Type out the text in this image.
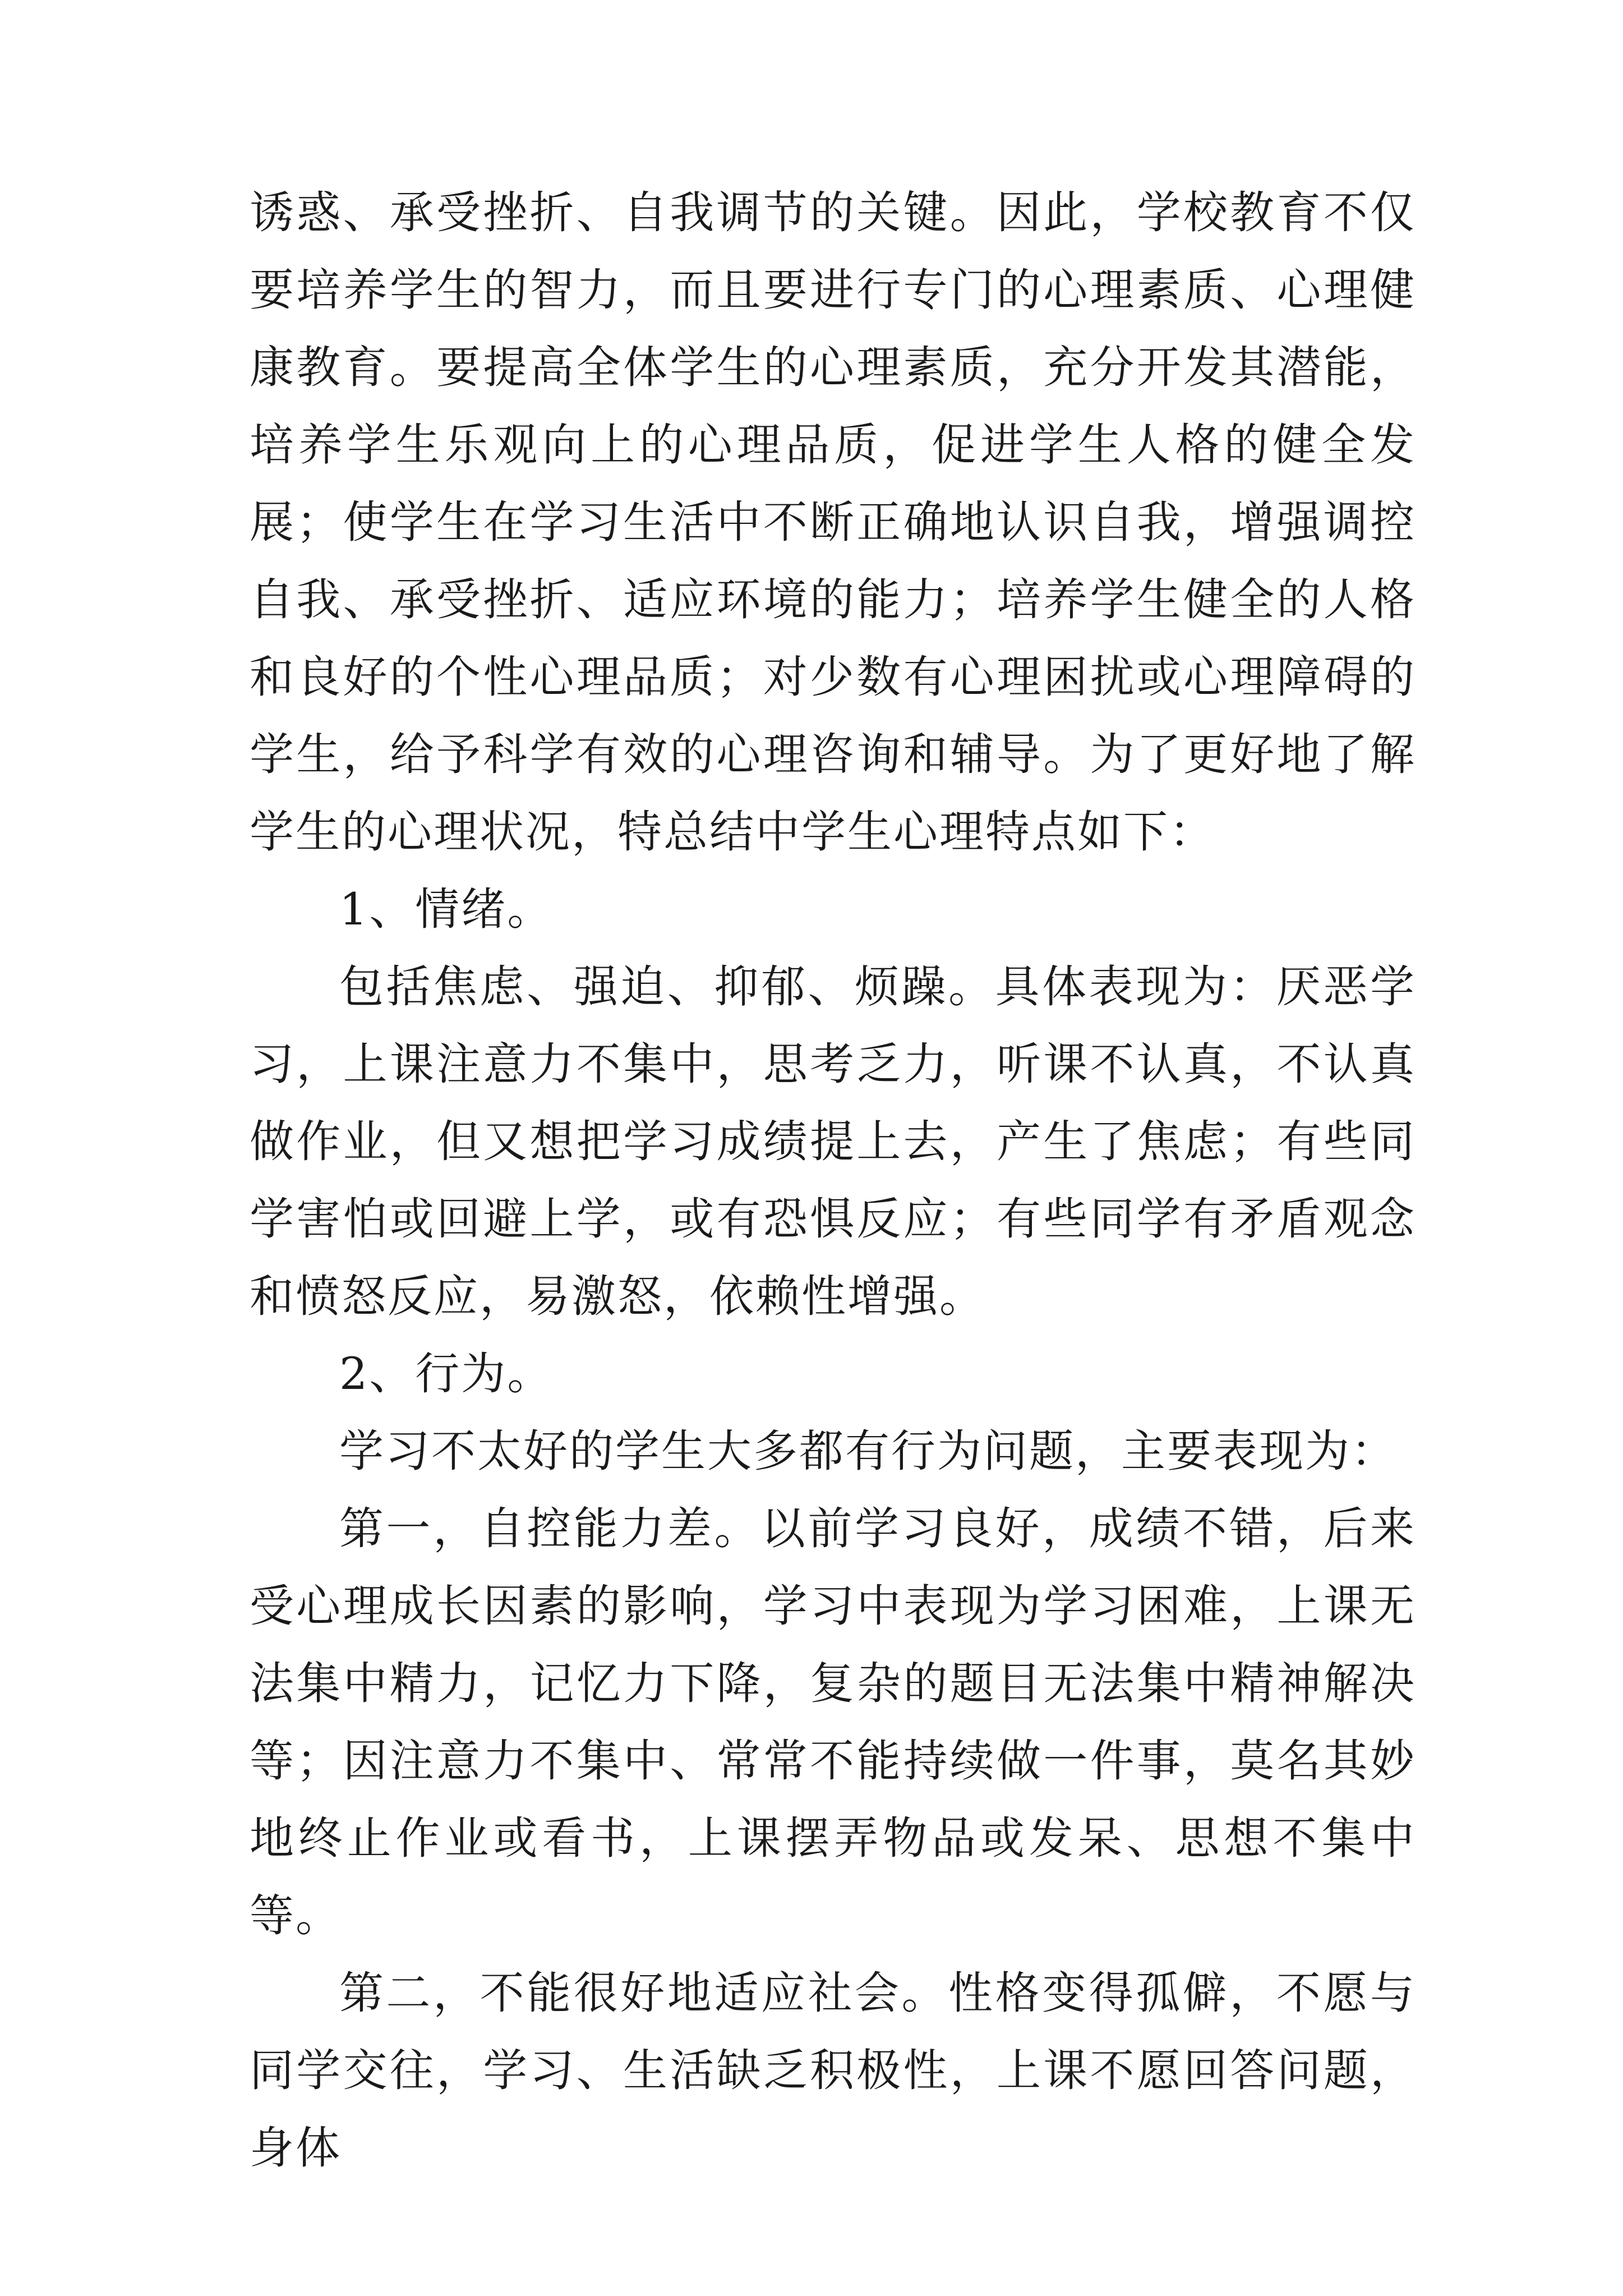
诱惑、承受挫折、自我调节的关键。因此，学校教育不仅要培养学生的智力，而且要进行专门的心理素质、心理健康教育。要提高全体学生的心理素质，充分开发其潜能，培养学生乐观向上的心理品质，促进学生人格的健全发展；使学生在学习生活中不断正确地认识自我，增强调控自我、承受挫折、适应环境的能力；培养学生健全的人格和良好的个性心理品质；对少数有心理困扰或心理障碍的学生，给予科学有效的心理咨询和辅导。为了更好地了解学生的心理状况，特总结中学生心理特点如下：

1、情绪。

包括焦虑、强迫、抑郁、烦躁。具体表现为：厌恶学习，上课注意力不集中，思考乏力，听课不认真，不认真做作业，但又想把学习成绩提上去，产生了焦虑；有些同学害怕或回避上学，或有恐惧反应；有些同学有矛盾观念和愤怒反应，易激怒，依赖性增强。

2、行为。

学习不太好的学生大多都有行为问题，主要表现为：

第一，自控能力差。以前学习良好，成绩不错，后来受心理成长因素的影响，学习中表现为学习困难，上课无法集中精力，记忆力下降，复杂的题目无法集中精神解决等；因注意力不集中、常常不能持续做一件事，莫名其妙地终止作业或看书，上课摆弄物品或发呆、思想不集中等。

第二，不能很好地适应社会。性格变得孤僻，不愿与同学交往，学习、生活缺乏积极性，上课不愿回答问题，身体
